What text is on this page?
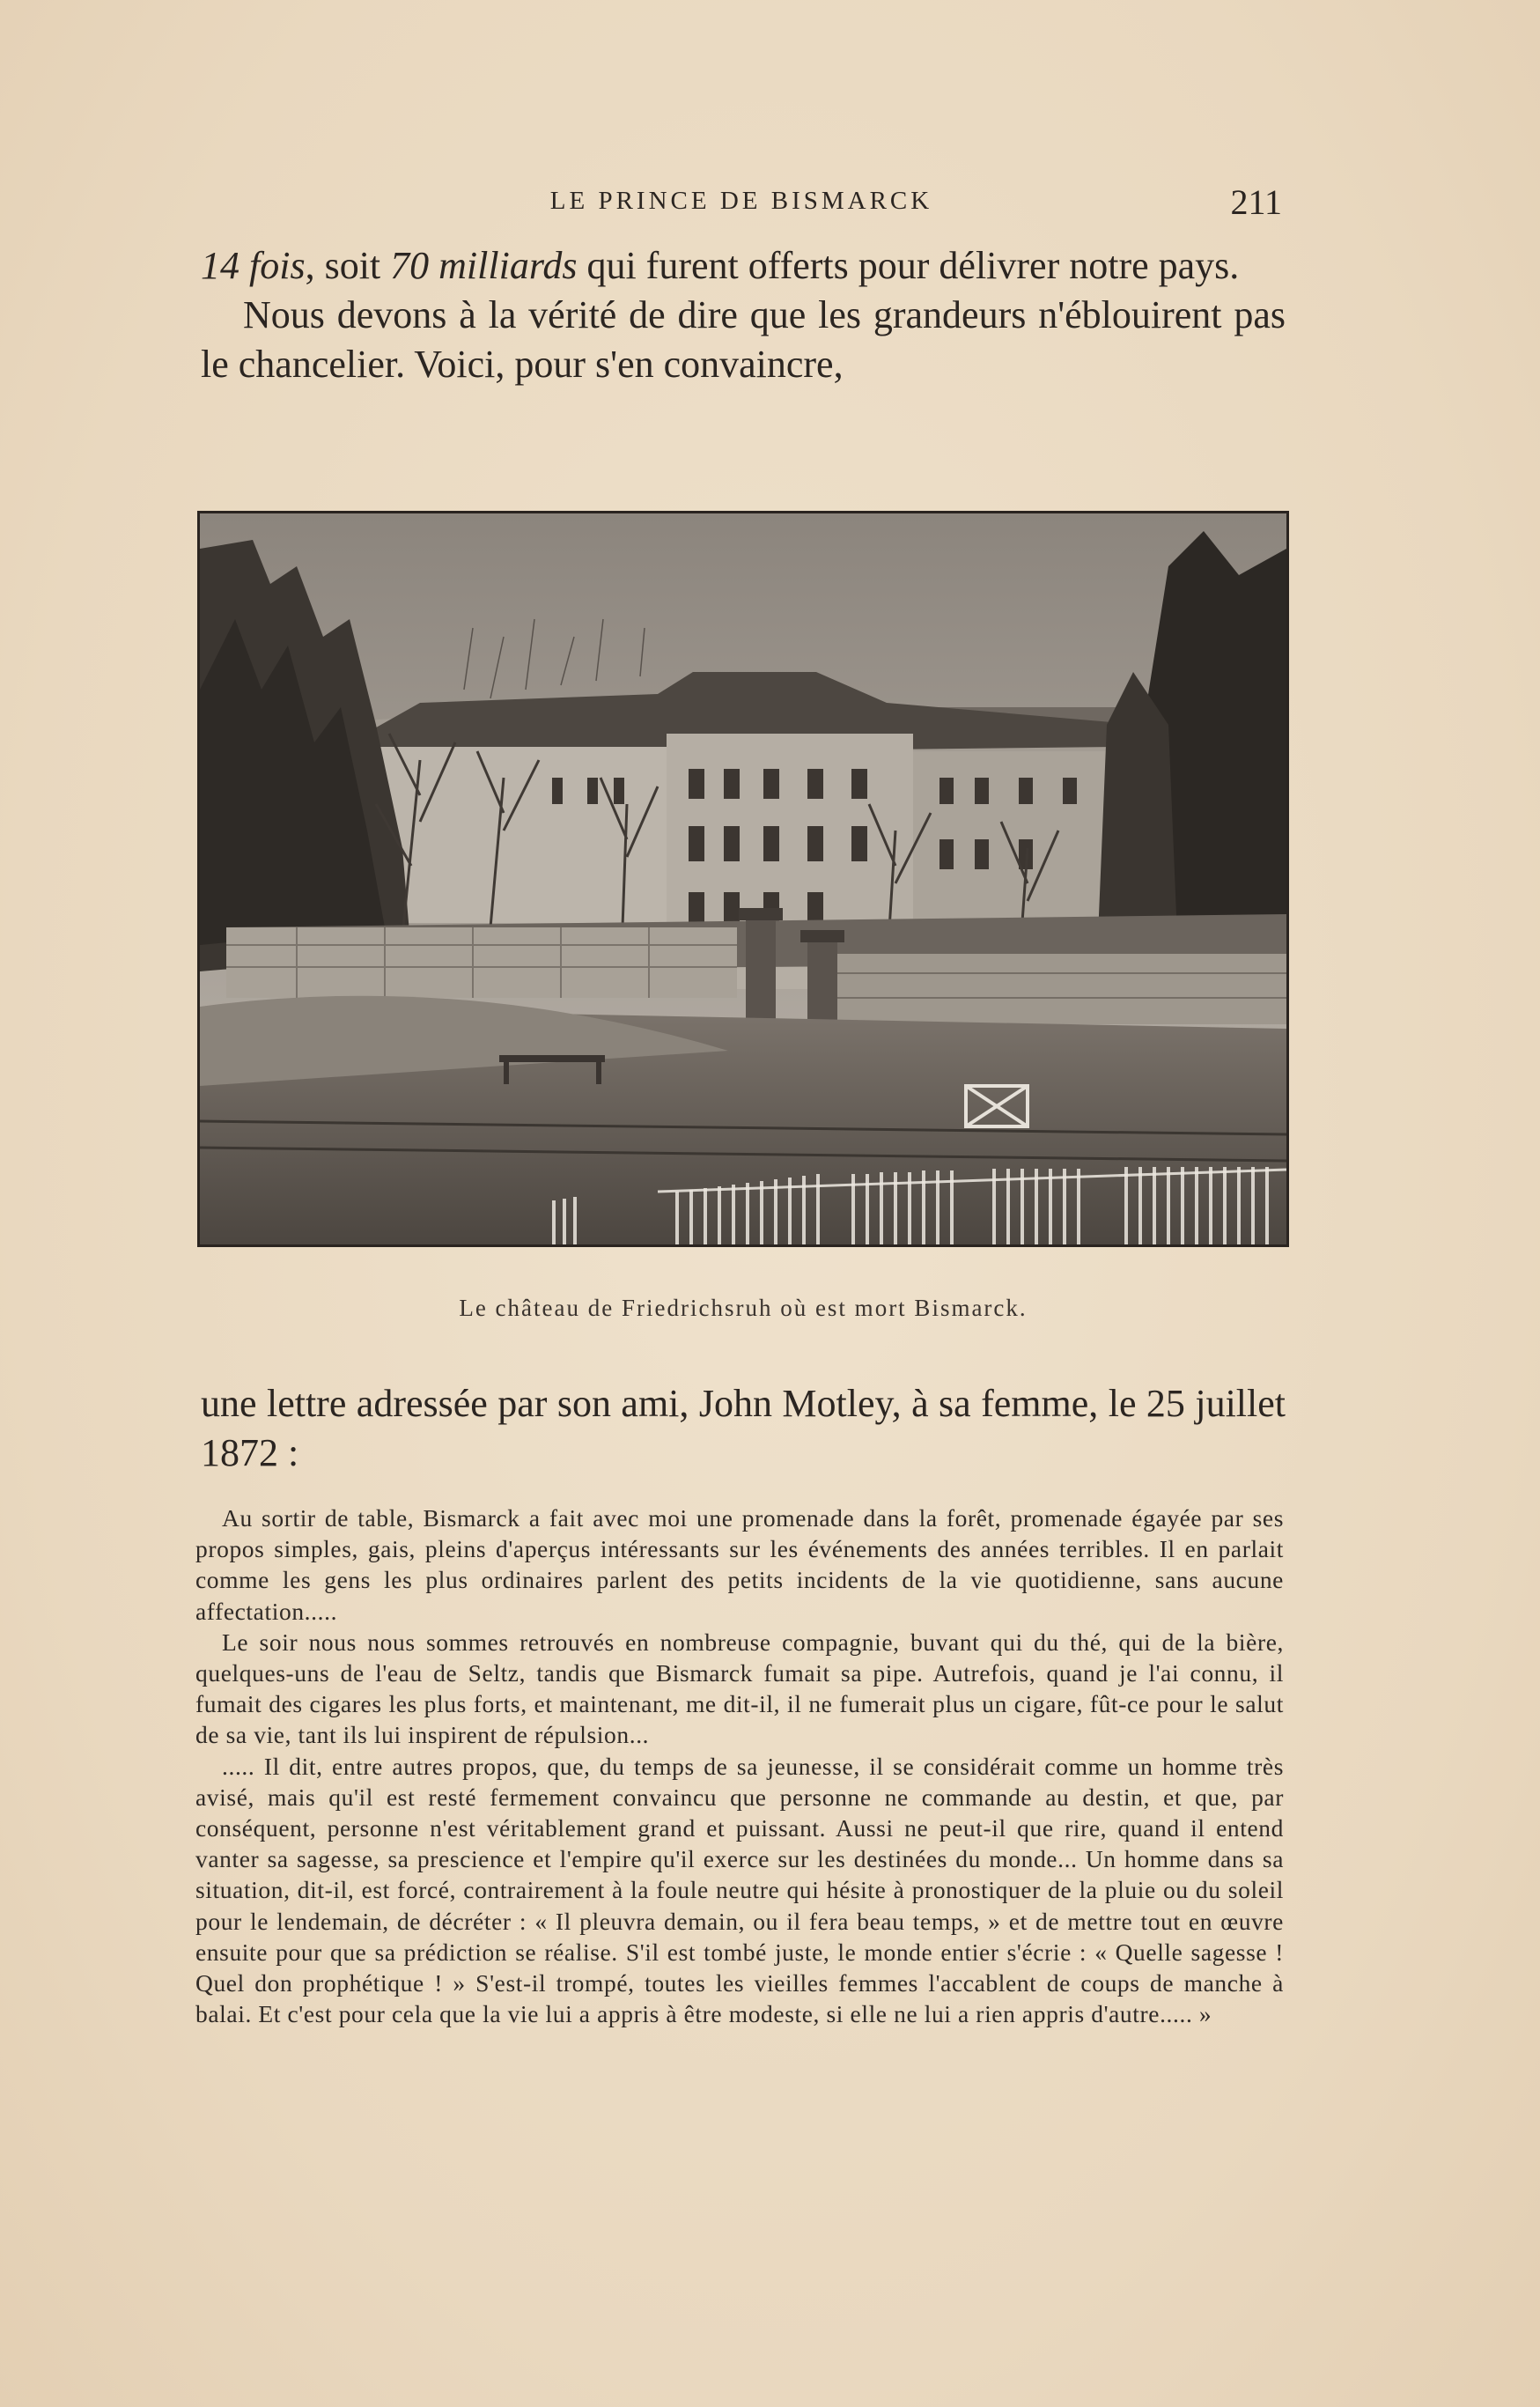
LE PRINCE DE BISMARCK	211

14 fois, soit 70 milliards qui furent offerts pour délivrer notre pays.

Nous devons à la vérité de dire que les grandeurs n'éblouirent pas le chancelier. Voici, pour s'en convaincre,

Le château de Friedrichsruh où est mort Bismarck.

une lettre adressée par son ami, John Motley, à sa femme, le 25 juillet 1872 :

Au sortir de table, Bismarck a fait avec moi une promenade dans la forêt, promenade égayée par ses propos simples, gais, pleins d'aperçus intéressants sur les événements des années terribles. Il en parlait comme les gens les plus ordinaires parlent des petits incidents de la vie quotidienne, sans aucune affectation.....

Le soir nous nous sommes retrouvés en nombreuse compagnie, buvant qui du thé, qui de la bière, quelques-uns de l'eau de Seltz, tandis que Bismarck fumait sa pipe. Autrefois, quand je l'ai connu, il fumait des cigares les plus forts, et maintenant, me dit-il, il ne fumerait plus un cigare, fût-ce pour le salut de sa vie, tant ils lui inspirent de répulsion...

..... Il dit, entre autres propos, que, du temps de sa jeunesse, il se considérait comme un homme très avisé, mais qu'il est resté fermement convaincu que personne ne commande au destin, et que, par conséquent, personne n'est véritablement grand et puissant. Aussi ne peut-il que rire, quand il entend vanter sa sagesse, sa prescience et l'empire qu'il exerce sur les destinées du monde... Un homme dans sa situation, dit-il, est forcé, contrairement à la foule neutre qui hésite à pronostiquer de la pluie ou du soleil pour le lendemain, de décréter : « Il pleuvra demain, ou il fera beau temps, » et de mettre tout en œuvre ensuite pour que sa prédiction se réalise. S'il est tombé juste, le monde entier s'écrie : « Quelle sagesse ! Quel don prophétique ! » S'est-il trompé, toutes les vieilles femmes l'accablent de coups de manche à balai. Et c'est pour cela que la vie lui a appris à être modeste, si elle ne lui a rien appris d'autre..... »
